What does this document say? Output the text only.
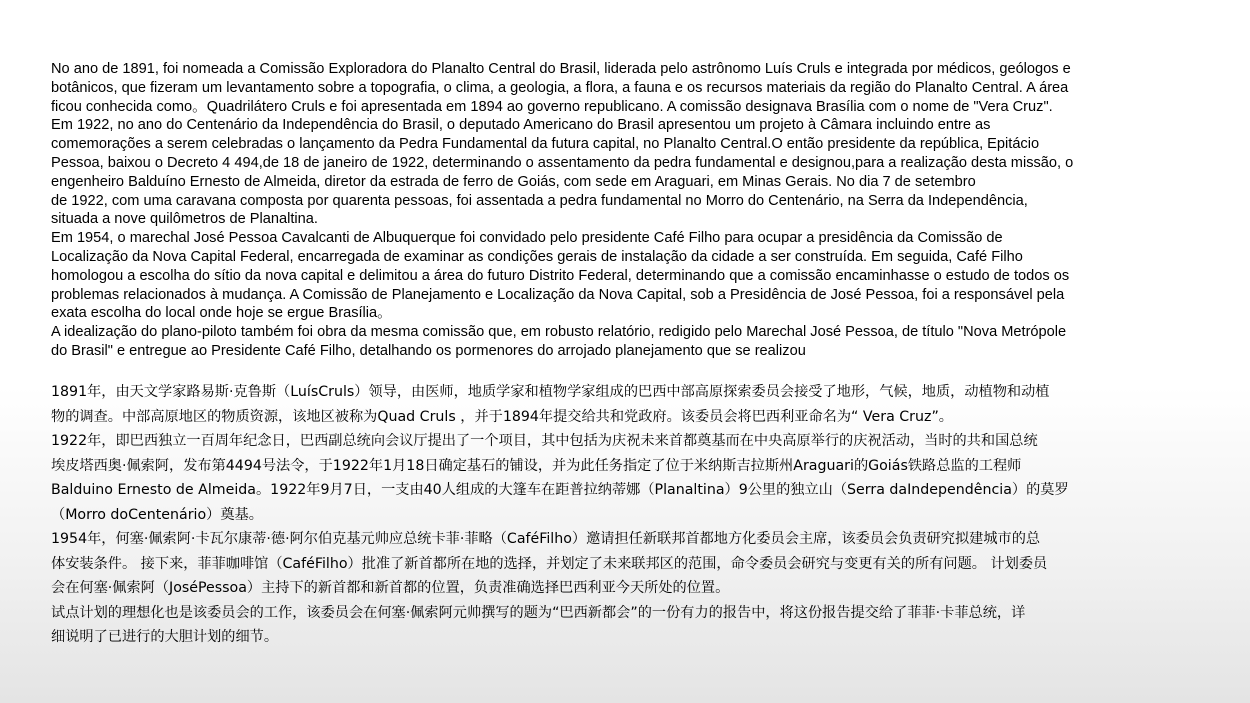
No ano de 1891, foi nomeada a Comissão Exploradora do Planalto Central do Brasil, liderada pelo astrônomo Luís Cruls e integrada por médicos, geólogos e
botânicos, que fizeram um levantamento sobre a topografia, o clima, a geologia, a flora, a fauna e os recursos materiais da região do Planalto Central. A área
ficou conhecida como。Quadrilátero Cruls e foi apresentada em 1894 ao governo republicano. A comissão designava Brasília com o nome de "Vera Cruz".
Em 1922, no ano do Centenário da Independência do Brasil, o deputado Americano do Brasil apresentou um projeto à Câmara incluindo entre as
comemorações a serem celebradas o lançamento da Pedra Fundamental da futura capital, no Planalto Central.O então presidente da república, Epitácio
Pessoa, baixou o Decreto 4 494,de 18 de janeiro de 1922, determinando o assentamento da pedra fundamental e designou,para a realização desta missão, o
engenheiro Balduíno Ernesto de Almeida, diretor da estrada de ferro de Goiás, com sede em Araguari, em Minas Gerais. No dia 7 de setembro
de 1922, com uma caravana composta por quarenta pessoas, foi assentada a pedra fundamental no Morro do Centenário, na Serra da Independência,
situada a nove quilômetros de Planaltina.
Em 1954, o marechal José Pessoa Cavalcanti de Albuquerque foi convidado pelo presidente Café Filho para ocupar a presidência da Comissão de
Localização da Nova Capital Federal, encarregada de examinar as condições gerais de instalação da cidade a ser construída. Em seguida, Café Filho
homologou a escolha do sítio da nova capital e delimitou a área do futuro Distrito Federal, determinando que a comissão encaminhasse o estudo de todos os
problemas relacionados à mudança. A Comissão de Planejamento e Localização da Nova Capital, sob a Presidência de José Pessoa, foi a responsável pela
exata escolha do local onde hoje se ergue Brasília。
A idealização do plano-piloto também foi obra da mesma comissão que, em robusto relatório, redigido pelo Marechal José Pessoa, de título "Nova Metrópole
do Brasil" e entregue ao Presidente Café Filho, detalhando os pormenores do arrojado planejamento que se realizou
1891年，由天文学家路易斯·克鲁斯（LuísCruls）领导，由医师，地质学家和植物学家组成的巴西中部高原探索委员会接受了地形，气候，地质，动植物和动植
物的调查。中部高原地区的物质资源，该地区被称为Quad Cruls ，并于1894年提交给共和党政府。该委员会将巴西利亚命名为“ Vera Cruz”。
1922年，即巴西独立一百周年纪念日，巴西副总统向会议厅提出了一个项目，其中包括为庆祝未来首都奠基而在中央高原举行的庆祝活动，当时的共和国总统
埃皮塔西奥·佩索阿，发布第4494号法令，于1922年1月18日确定基石的铺设，并为此任务指定了位于米纳斯吉拉斯州Araguari的Goiás铁路总监的工程师
Balduino Ernesto de Almeida。1922年9月7日，一支由40人组成的大篷车在距普拉纳蒂娜（Planaltina）9公里的独立山（Serra daIndependência）的莫罗
（Morro doCentenário）奠基。
1954年，何塞·佩索阿·卡瓦尔康蒂·德·阿尔伯克基元帅应总统卡菲·菲略（CaféFilho）邀请担任新联邦首都地方化委员会主席，该委员会负责研究拟建城市的总
体安装条件。 接下来，菲菲咖啡馆（CaféFilho）批准了新首都所在地的选择，并划定了未来联邦区的范围，命令委员会研究与变更有关的所有问题。 计划委员
会在何塞·佩索阿（JoséPessoa）主持下的新首都和新首都的位置，负责准确选择巴西利亚今天所处的位置。
试点计划的理想化也是该委员会的工作，该委员会在何塞·佩索阿元帅撰写的题为“巴西新都会”的一份有力的报告中，将这份报告提交给了菲菲·卡菲总统，详
细说明了已进行的大胆计划的细节。
